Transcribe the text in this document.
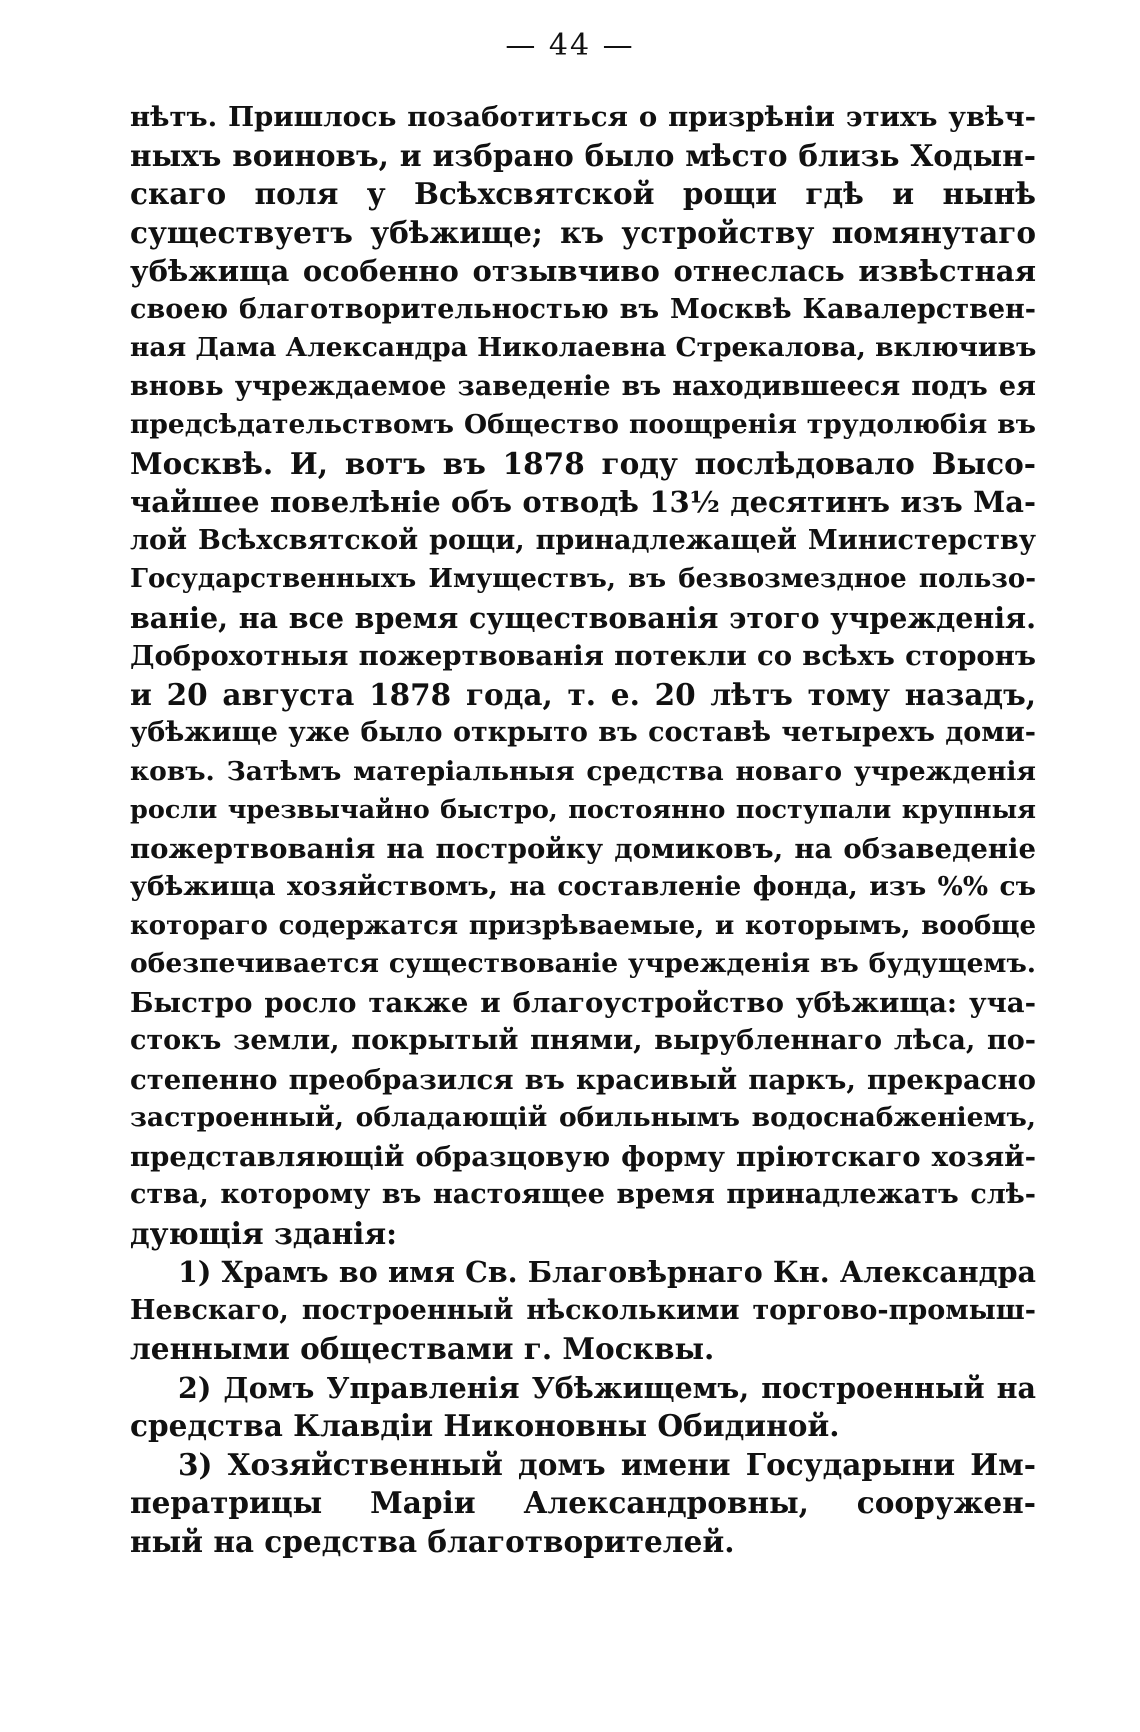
— 44 —
нѣтъ. Пришлось позаботиться о призрѣніи этихъ увѣч-
ныхъ воиновъ, и избрано было мѣсто близь Ходын-
скаго поля у Всѣхсвятской рощи гдѣ и нынѣ
существуетъ убѣжище; къ устройству помянутаго
убѣжища особенно отзывчиво отнеслась извѣстная
своею благотворительностью въ Москвѣ Кавалерствен-
ная Дама Александра Николаевна Стрекалова, включивъ
вновь учреждаемое заведеніе въ находившееся подъ ея
предсѣдательствомъ Общество поощренія трудолюбія въ
Москвѣ. И, вотъ въ 1878 году послѣдовало Высо-
чайшее повелѣніе объ отводѣ 13½ десятинъ изъ Ма-
лой Всѣхсвятской рощи, принадлежащей Министерству
Государственныхъ Имуществъ, въ безвозмездное пользо-
ваніе, на все время существованія этого учрежденія.
Доброхотныя пожертвованія потекли со всѣхъ сторонъ
и 20 августа 1878 года, т. е. 20 лѣтъ тому назадъ,
убѣжище уже было открыто въ составѣ четырехъ доми-
ковъ. Затѣмъ матеріальныя средства новаго учрежденія
росли чрезвычайно быстро, постоянно поступали крупныя
пожертвованія на постройку домиковъ, на обзаведеніе
убѣжища хозяйствомъ, на составленіе фонда, изъ %% съ
котораго содержатся призрѣваемые, и которымъ, вообще
обезпечивается существованіе учрежденія въ будущемъ.
Быстро росло также и благоустройство убѣжища: уча-
стокъ земли, покрытый пнями, вырубленнаго лѣса, по-
степенно преобразился въ красивый паркъ, прекрасно
застроенный, обладающій обильнымъ водоснабженіемъ,
представляющій образцовую форму пріютскаго хозяй-
ства, которому въ настоящее время принадлежатъ слѣ-
дующія зданія:
1) Храмъ во имя Св. Благовѣрнаго Кн. Александра
Невскаго, построенный нѣсколькими торгово-промыш-
ленными обществами г. Москвы.
2) Домъ Управленія Убѣжищемъ, построенный на
средства Клавдіи Никоновны Обидиной.
3) Хозяйственный домъ имени Государыни Им-
ператрицы Маріи Александровны, сооружен-
ный на средства благотворителей.
